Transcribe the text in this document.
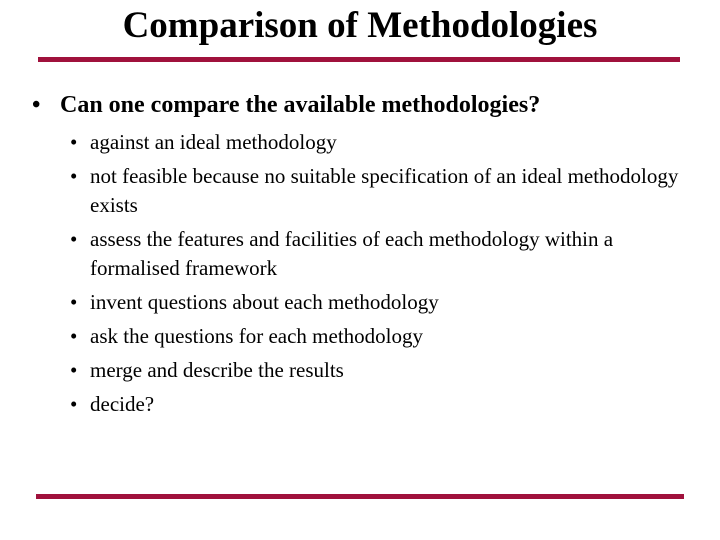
Comparison of Methodologies
• Can one compare the available methodologies?
• against an ideal methodology
• not feasible because no suitable specification of an ideal methodology exists
• assess the features and facilities of each methodology within a formalised framework
• invent questions about each methodology
• ask the questions for each methodology
• merge and describe the results
• decide?
